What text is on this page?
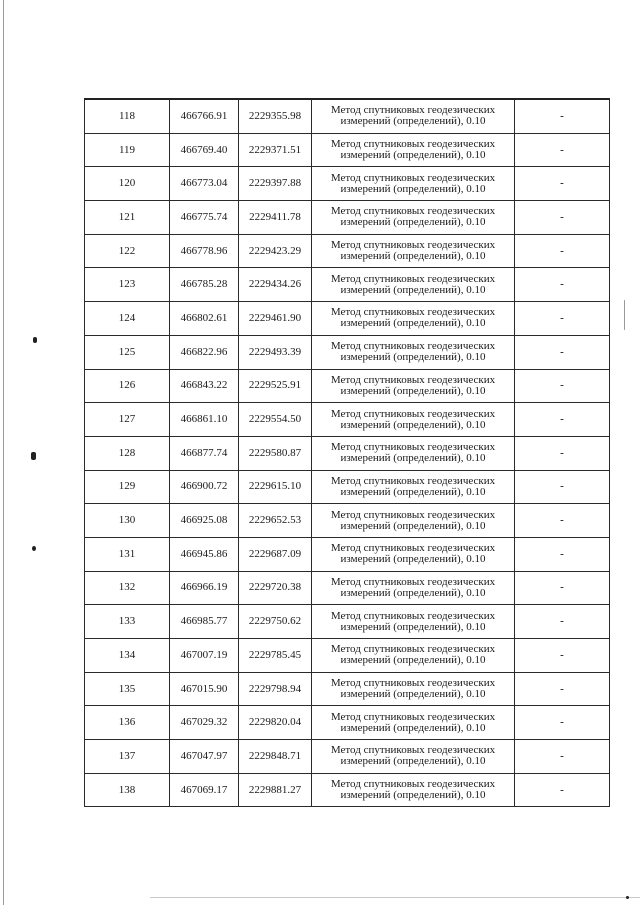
118	466766.91	2229355.98	Метод спутниковых геодезических измерений (определений), 0.10	-
119	466769.40	2229371.51	Метод спутниковых геодезических измерений (определений), 0.10	-
120	466773.04	2229397.88	Метод спутниковых геодезических измерений (определений), 0.10	-
121	466775.74	2229411.78	Метод спутниковых геодезических измерений (определений), 0.10	-
122	466778.96	2229423.29	Метод спутниковых геодезических измерений (определений), 0.10	-
123	466785.28	2229434.26	Метод спутниковых геодезических измерений (определений), 0.10	-
124	466802.61	2229461.90	Метод спутниковых геодезических измерений (определений), 0.10	-
125	466822.96	2229493.39	Метод спутниковых геодезических измерений (определений), 0.10	-
126	466843.22	2229525.91	Метод спутниковых геодезических измерений (определений), 0.10	-
127	466861.10	2229554.50	Метод спутниковых геодезических измерений (определений), 0.10	-
128	466877.74	2229580.87	Метод спутниковых геодезических измерений (определений), 0.10	-
129	466900.72	2229615.10	Метод спутниковых геодезических измерений (определений), 0.10	-
130	466925.08	2229652.53	Метод спутниковых геодезических измерений (определений), 0.10	-
131	466945.86	2229687.09	Метод спутниковых геодезических измерений (определений), 0.10	-
132	466966.19	2229720.38	Метод спутниковых геодезических измерений (определений), 0.10	-
133	466985.77	2229750.62	Метод спутниковых геодезических измерений (определений), 0.10	-
134	467007.19	2229785.45	Метод спутниковых геодезических измерений (определений), 0.10	-
135	467015.90	2229798.94	Метод спутниковых геодезических измерений (определений), 0.10	-
136	467029.32	2229820.04	Метод спутниковых геодезических измерений (определений), 0.10	-
137	467047.97	2229848.71	Метод спутниковых геодезических измерений (определений), 0.10	-
138	467069.17	2229881.27	Метод спутниковых геодезических измерений (определений), 0.10	-
